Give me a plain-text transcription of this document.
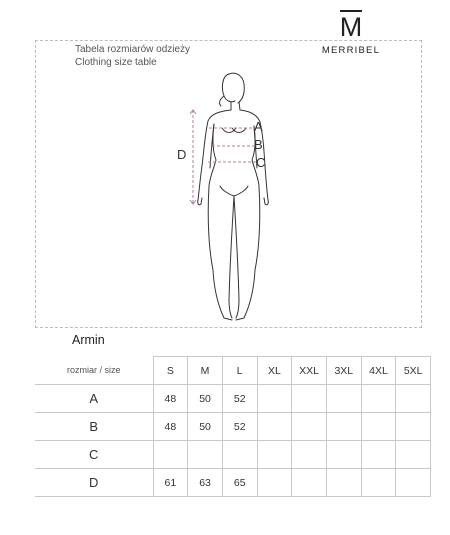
M
MERRIBEL
Tabela rozmiarów odzieży
Clothing size table
A
B
C
D
Armin
rozmiar / size	S	M	L	XL	XXL	3XL	4XL	5XL
A	48	50	52					
B	48	50	52					
C								
D	61	63	65					
